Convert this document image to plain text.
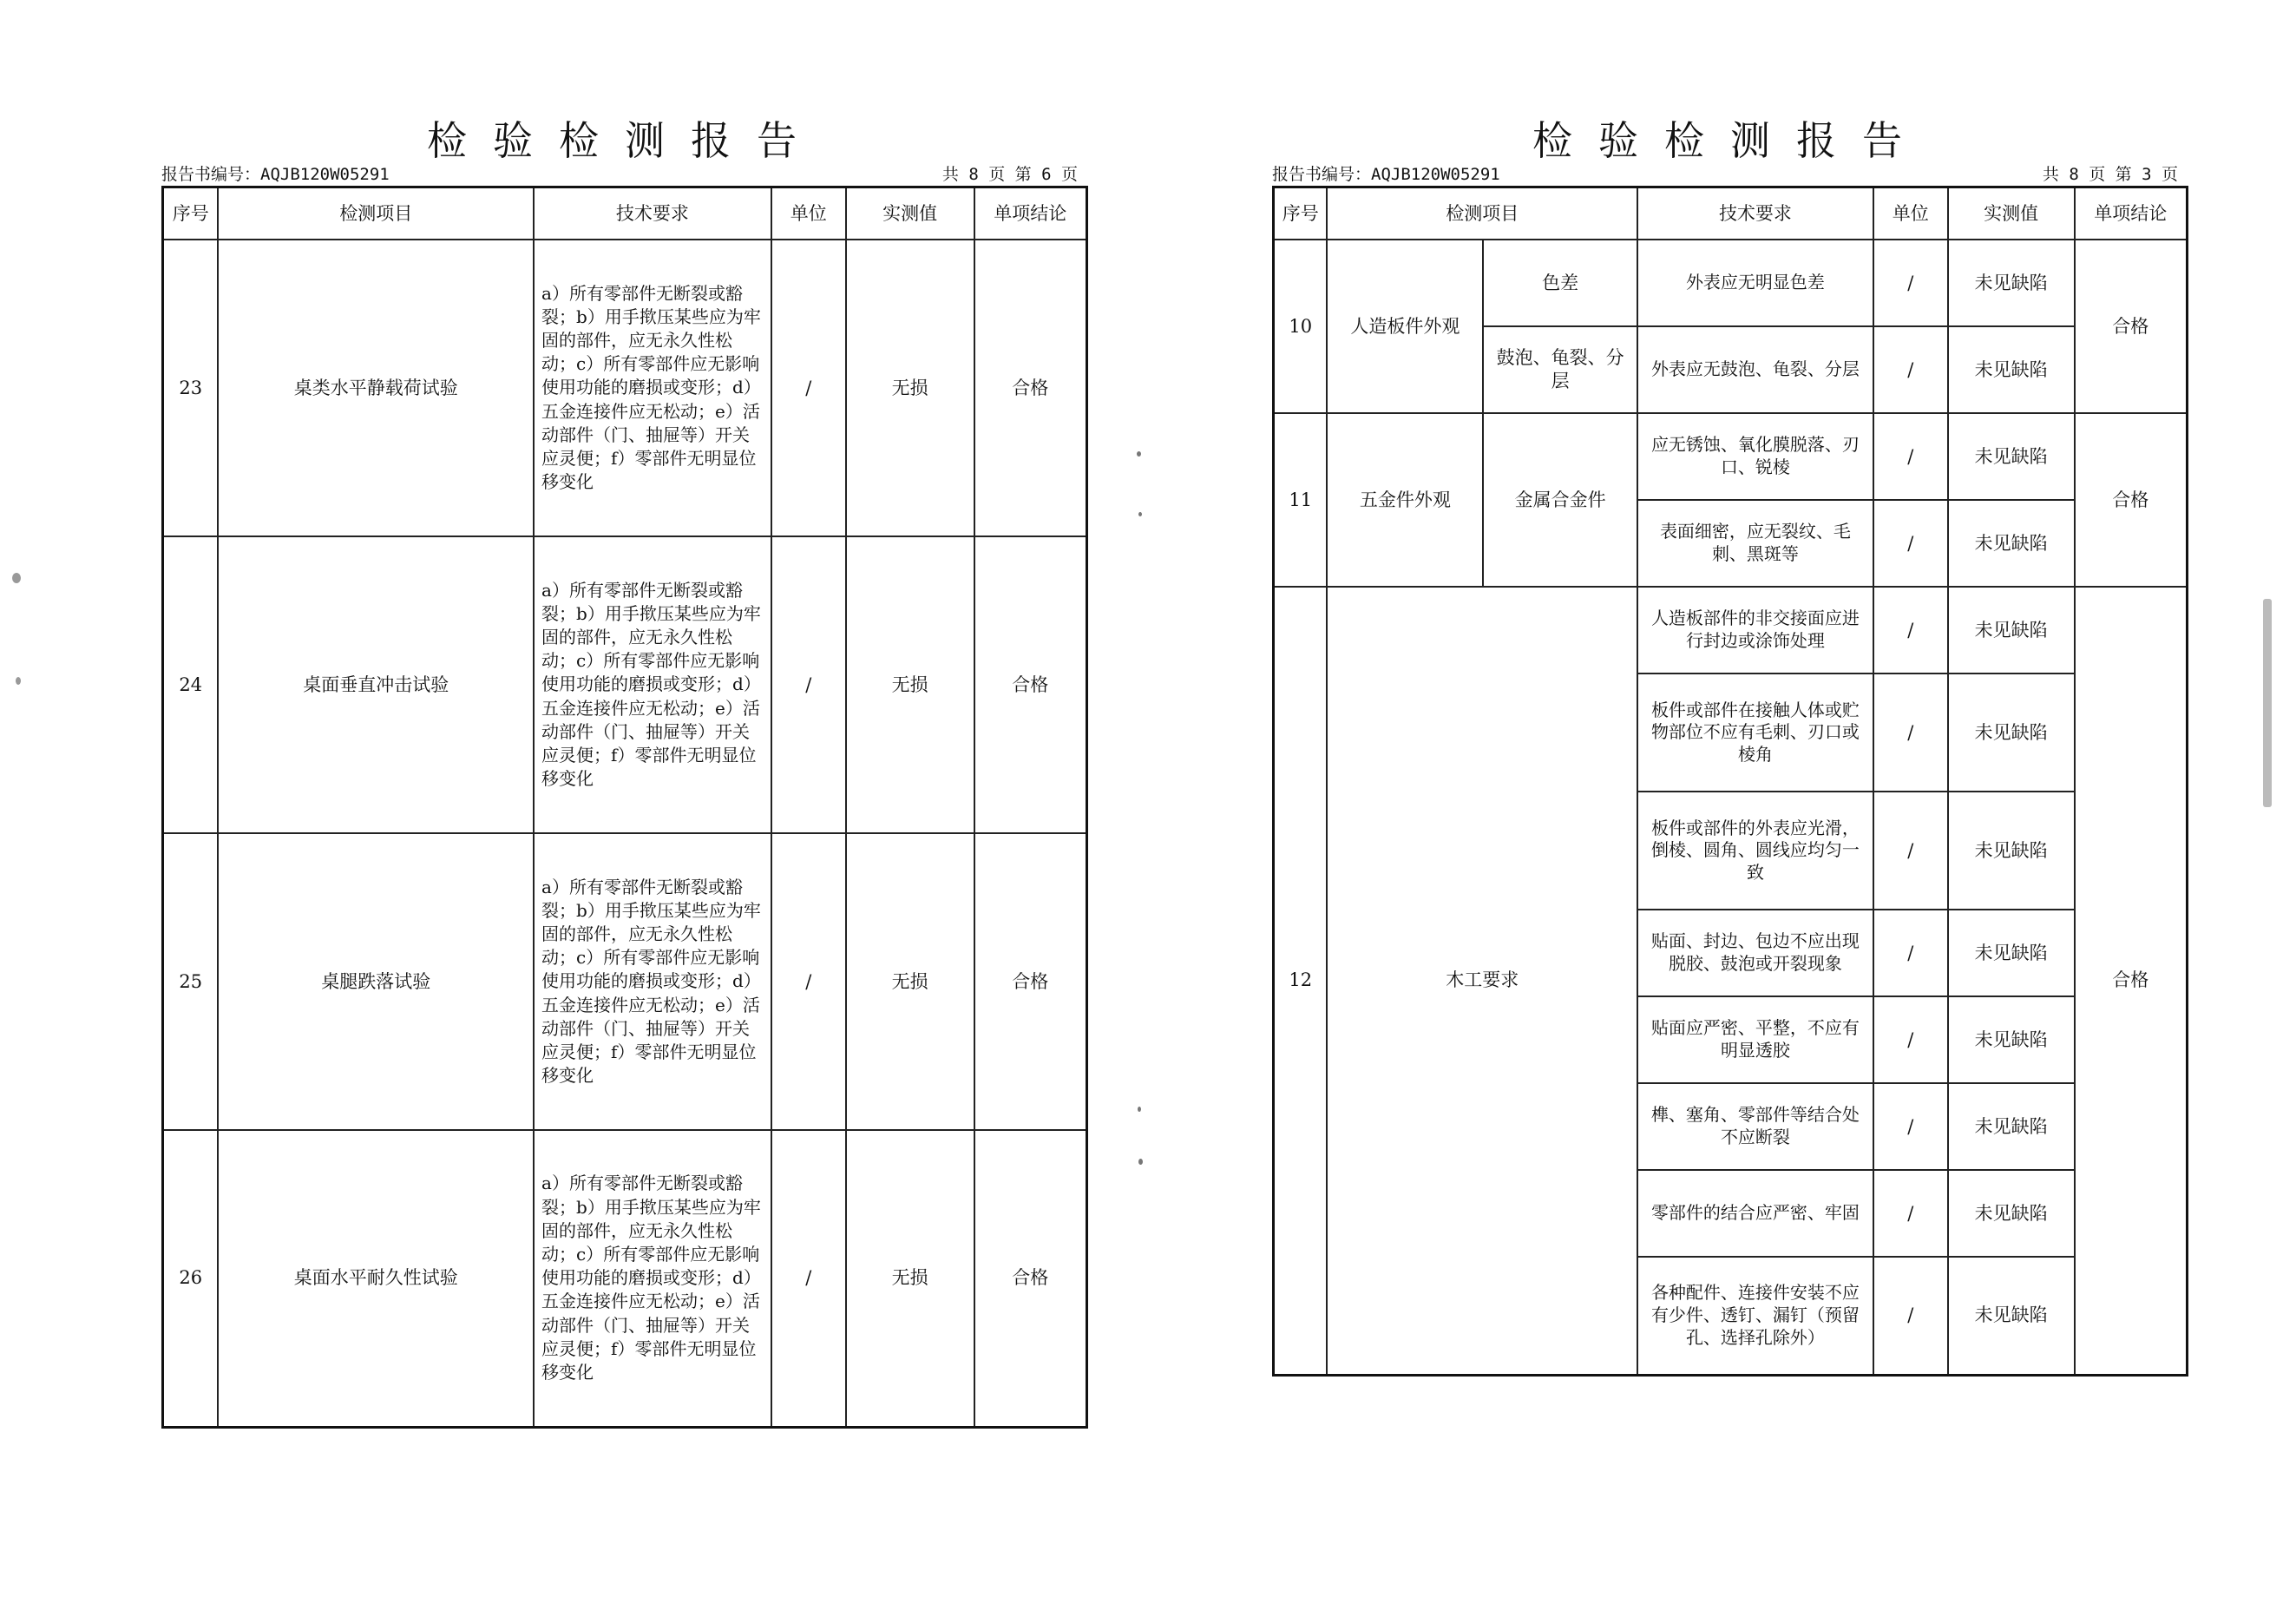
检验检测报告
报告书编号：AQJB120W05291	共 8 页 第 6 页
序号	检测项目	技术要求	单位	实测值	单项结论
23	桌类水平静载荷试验	a）所有零部件无断裂或豁裂；b）用手揿压某些应为牢固的部件，应无永久性松动；c）所有零部件应无影响使用功能的磨损或变形；d）五金连接件应无松动；e）活动部件（门、抽屉等）开关应灵便；f）零部件无明显位移变化	/	无损	合格
24	桌面垂直冲击试验	a）所有零部件无断裂或豁裂；b）用手揿压某些应为牢固的部件，应无永久性松动；c）所有零部件应无影响使用功能的磨损或变形；d）五金连接件应无松动；e）活动部件（门、抽屉等）开关应灵便；f）零部件无明显位移变化	/	无损	合格
25	桌腿跌落试验	a）所有零部件无断裂或豁裂；b）用手揿压某些应为牢固的部件，应无永久性松动；c）所有零部件应无影响使用功能的磨损或变形；d）五金连接件应无松动；e）活动部件（门、抽屉等）开关应灵便；f）零部件无明显位移变化	/	无损	合格
26	桌面水平耐久性试验	a）所有零部件无断裂或豁裂；b）用手揿压某些应为牢固的部件，应无永久性松动；c）所有零部件应无影响使用功能的磨损或变形；d）五金连接件应无松动；e）活动部件（门、抽屉等）开关应灵便；f）零部件无明显位移变化	/	无损	合格
检验检测报告
报告书编号：AQJB120W05291	共 8 页 第 3 页
序号	检测项目		技术要求	单位	实测值	单项结论
10	人造板件外观	色差	外表应无明显色差	/	未见缺陷	合格
		鼓泡、龟裂、分层	外表应无鼓泡、龟裂、分层	/	未见缺陷	
11	五金件外观	金属合金件	应无锈蚀、氧化膜脱落、刃口、锐棱	/	未见缺陷	合格
			表面细密，应无裂纹、毛刺、黑斑等	/	未见缺陷	
12	木工要求		人造板部件的非交接面应进行封边或涂饰处理	/	未见缺陷	合格
			板件或部件在接触人体或贮物部位不应有毛刺、刃口或棱角	/	未见缺陷	
			板件或部件的外表应光滑，倒棱、圆角、圆线应均匀一致	/	未见缺陷	
			贴面、封边、包边不应出现脱胶、鼓泡或开裂现象	/	未见缺陷	
			贴面应严密、平整，不应有明显透胶	/	未见缺陷	
			榫、塞角、零部件等结合处不应断裂	/	未见缺陷	
			零部件的结合应严密、牢固	/	未见缺陷	
			各种配件、连接件安装不应有少件、透钉、漏钉（预留孔、选择孔除外）	/	未见缺陷	
